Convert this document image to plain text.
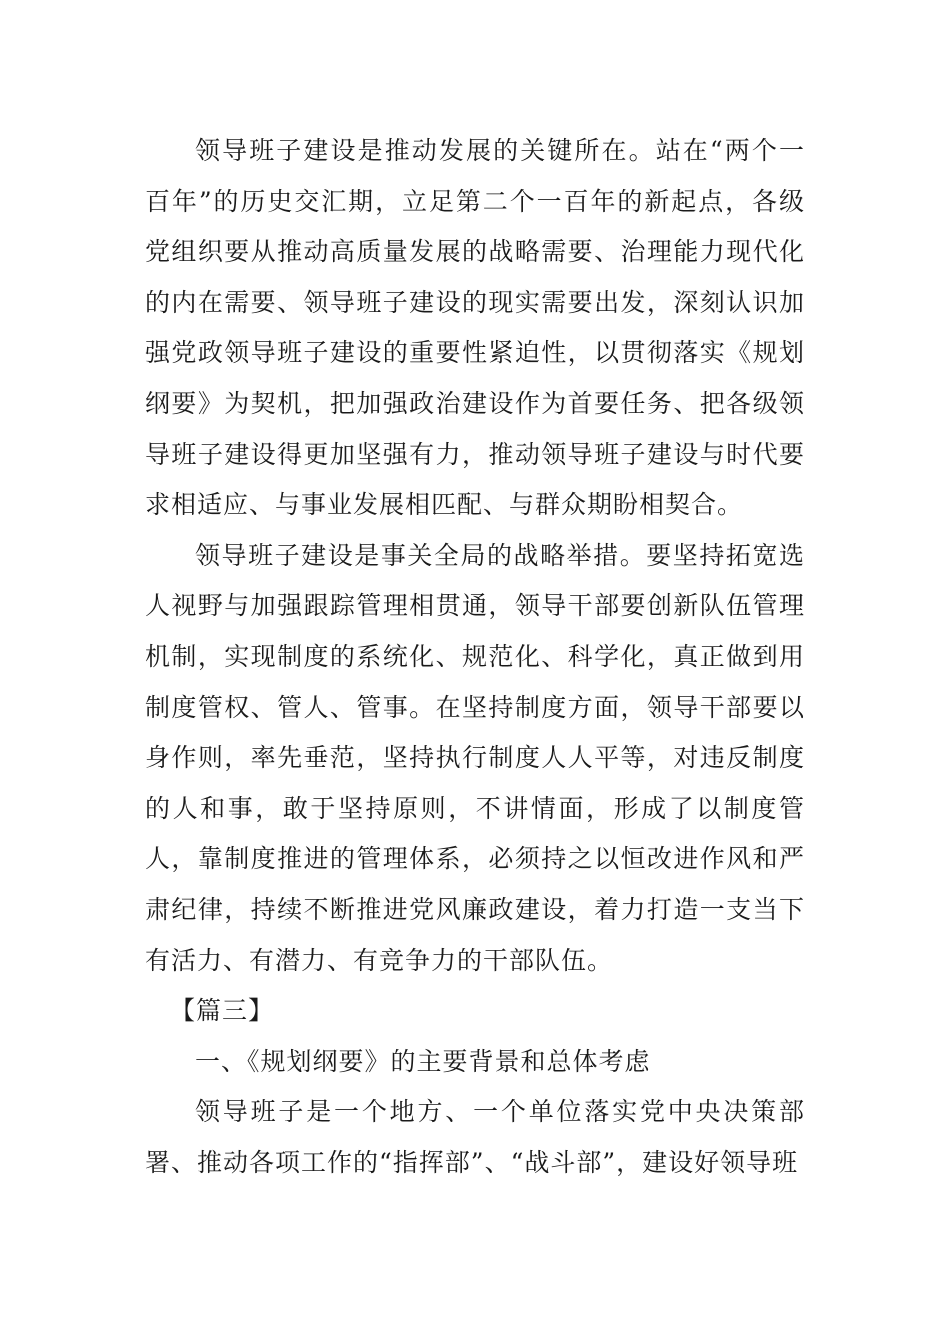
领导班子建设是推动发展的关键所在。站在“两个一百年”的历史交汇期，立足第二个一百年的新起点，各级党组织要从推动高质量发展的战略需要、治理能力现代化的内在需要、领导班子建设的现实需要出发，深刻认识加强党政领导班子建设的重要性紧迫性，以贯彻落实《规划纲要》为契机，把加强政治建设作为首要任务、把各级领导班子建设得更加坚强有力，推动领导班子建设与时代要求相适应、与事业发展相匹配、与群众期盼相契合。

领导班子建设是事关全局的战略举措。要坚持拓宽选人视野与加强跟踪管理相贯通，领导干部要创新队伍管理机制，实现制度的系统化、规范化、科学化，真正做到用制度管权、管人、管事。在坚持制度方面，领导干部要以身作则，率先垂范，坚持执行制度人人平等，对违反制度的人和事，敢于坚持原则，不讲情面，形成了以制度管人，靠制度推进的管理体系，必须持之以恒改进作风和严肃纪律，持续不断推进党风廉政建设，着力打造一支当下有活力、有潜力、有竞争力的干部队伍。

【篇三】

一、《规划纲要》的主要背景和总体考虑

领导班子是一个地方、一个单位落实党中央决策部署、推动各项工作的“指挥部”、“战斗部”，建设好领导班
